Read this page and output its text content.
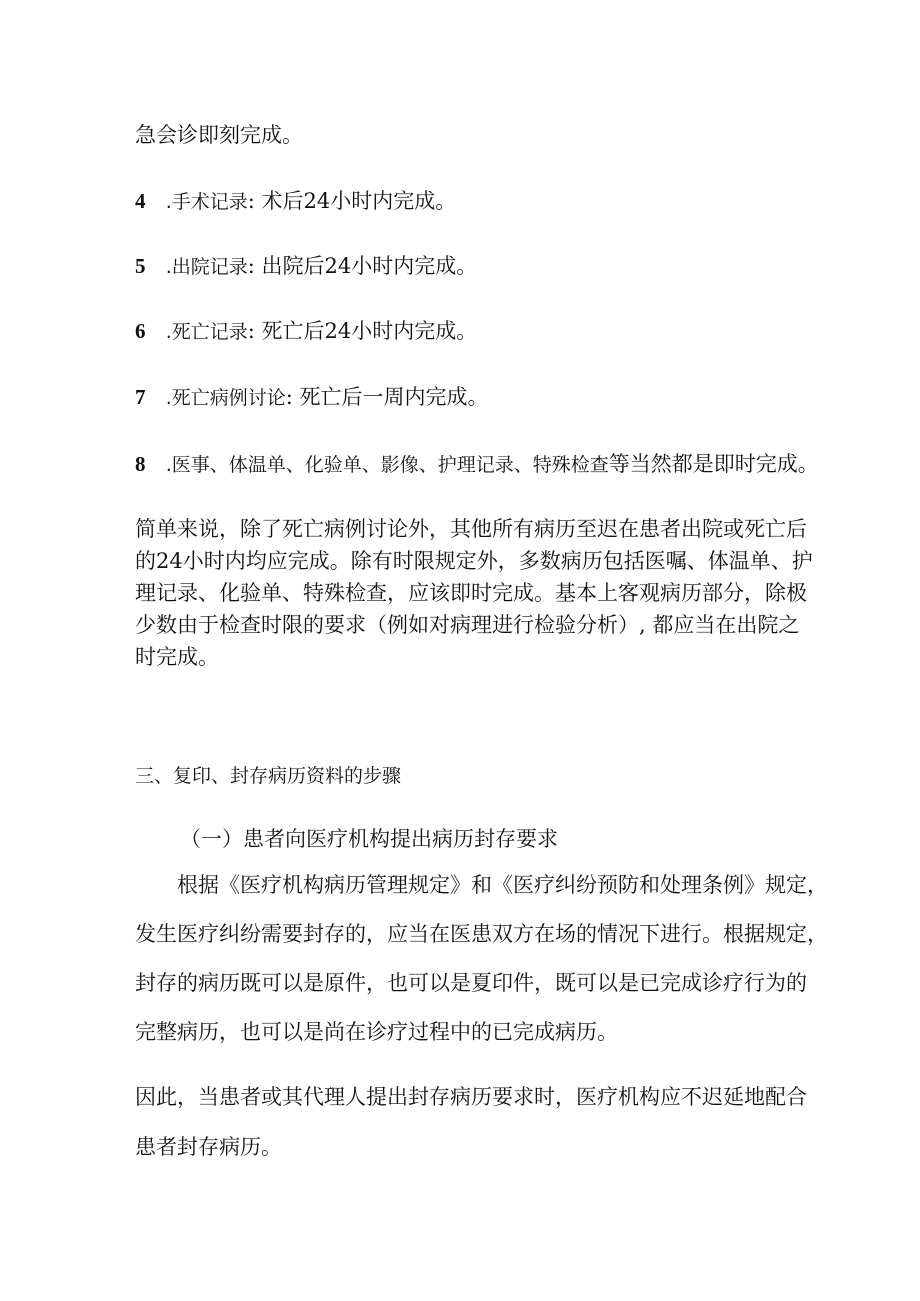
急会诊即刻完成。
4 .手术记录: 术后24小时内完成。
5 .出院记录: 出院后24小时内完成。
6 .死亡记录: 死亡后24小时内完成。
7 .死亡病例讨论: 死亡后一周内完成。
8 .医事、体温单、化验单、影像、护理记录、特殊检查等当然都是即时完成。
简单来说，除了死亡病例讨论外，其他所有病历至迟在患者出院或死亡后
的24小时内均应完成。除有时限规定外，多数病历包括医嘱、体温单、护
理记录、化验单、特殊检查，应该即时完成。基本上客观病历部分，除极
少数由于检查时限的要求（例如对病理进行检验分析）, 都应当在出院之
时完成。
三、复印、封存病历资料的步骤
（一）患者向医疗机构提出病历封存要求
根据《医疗机构病历管理规定》和《医疗纠纷预防和处理条例》规定，
发生医疗纠纷需要封存的，应当在医患双方在场的情况下进行。根据规定，
封存的病历既可以是原件，也可以是夏印件，既可以是已完成诊疗行为的
完整病历，也可以是尚在诊疗过程中的已完成病历。
因此，当患者或其代理人提出封存病历要求时，医疗机构应不迟延地配合
患者封存病历。
